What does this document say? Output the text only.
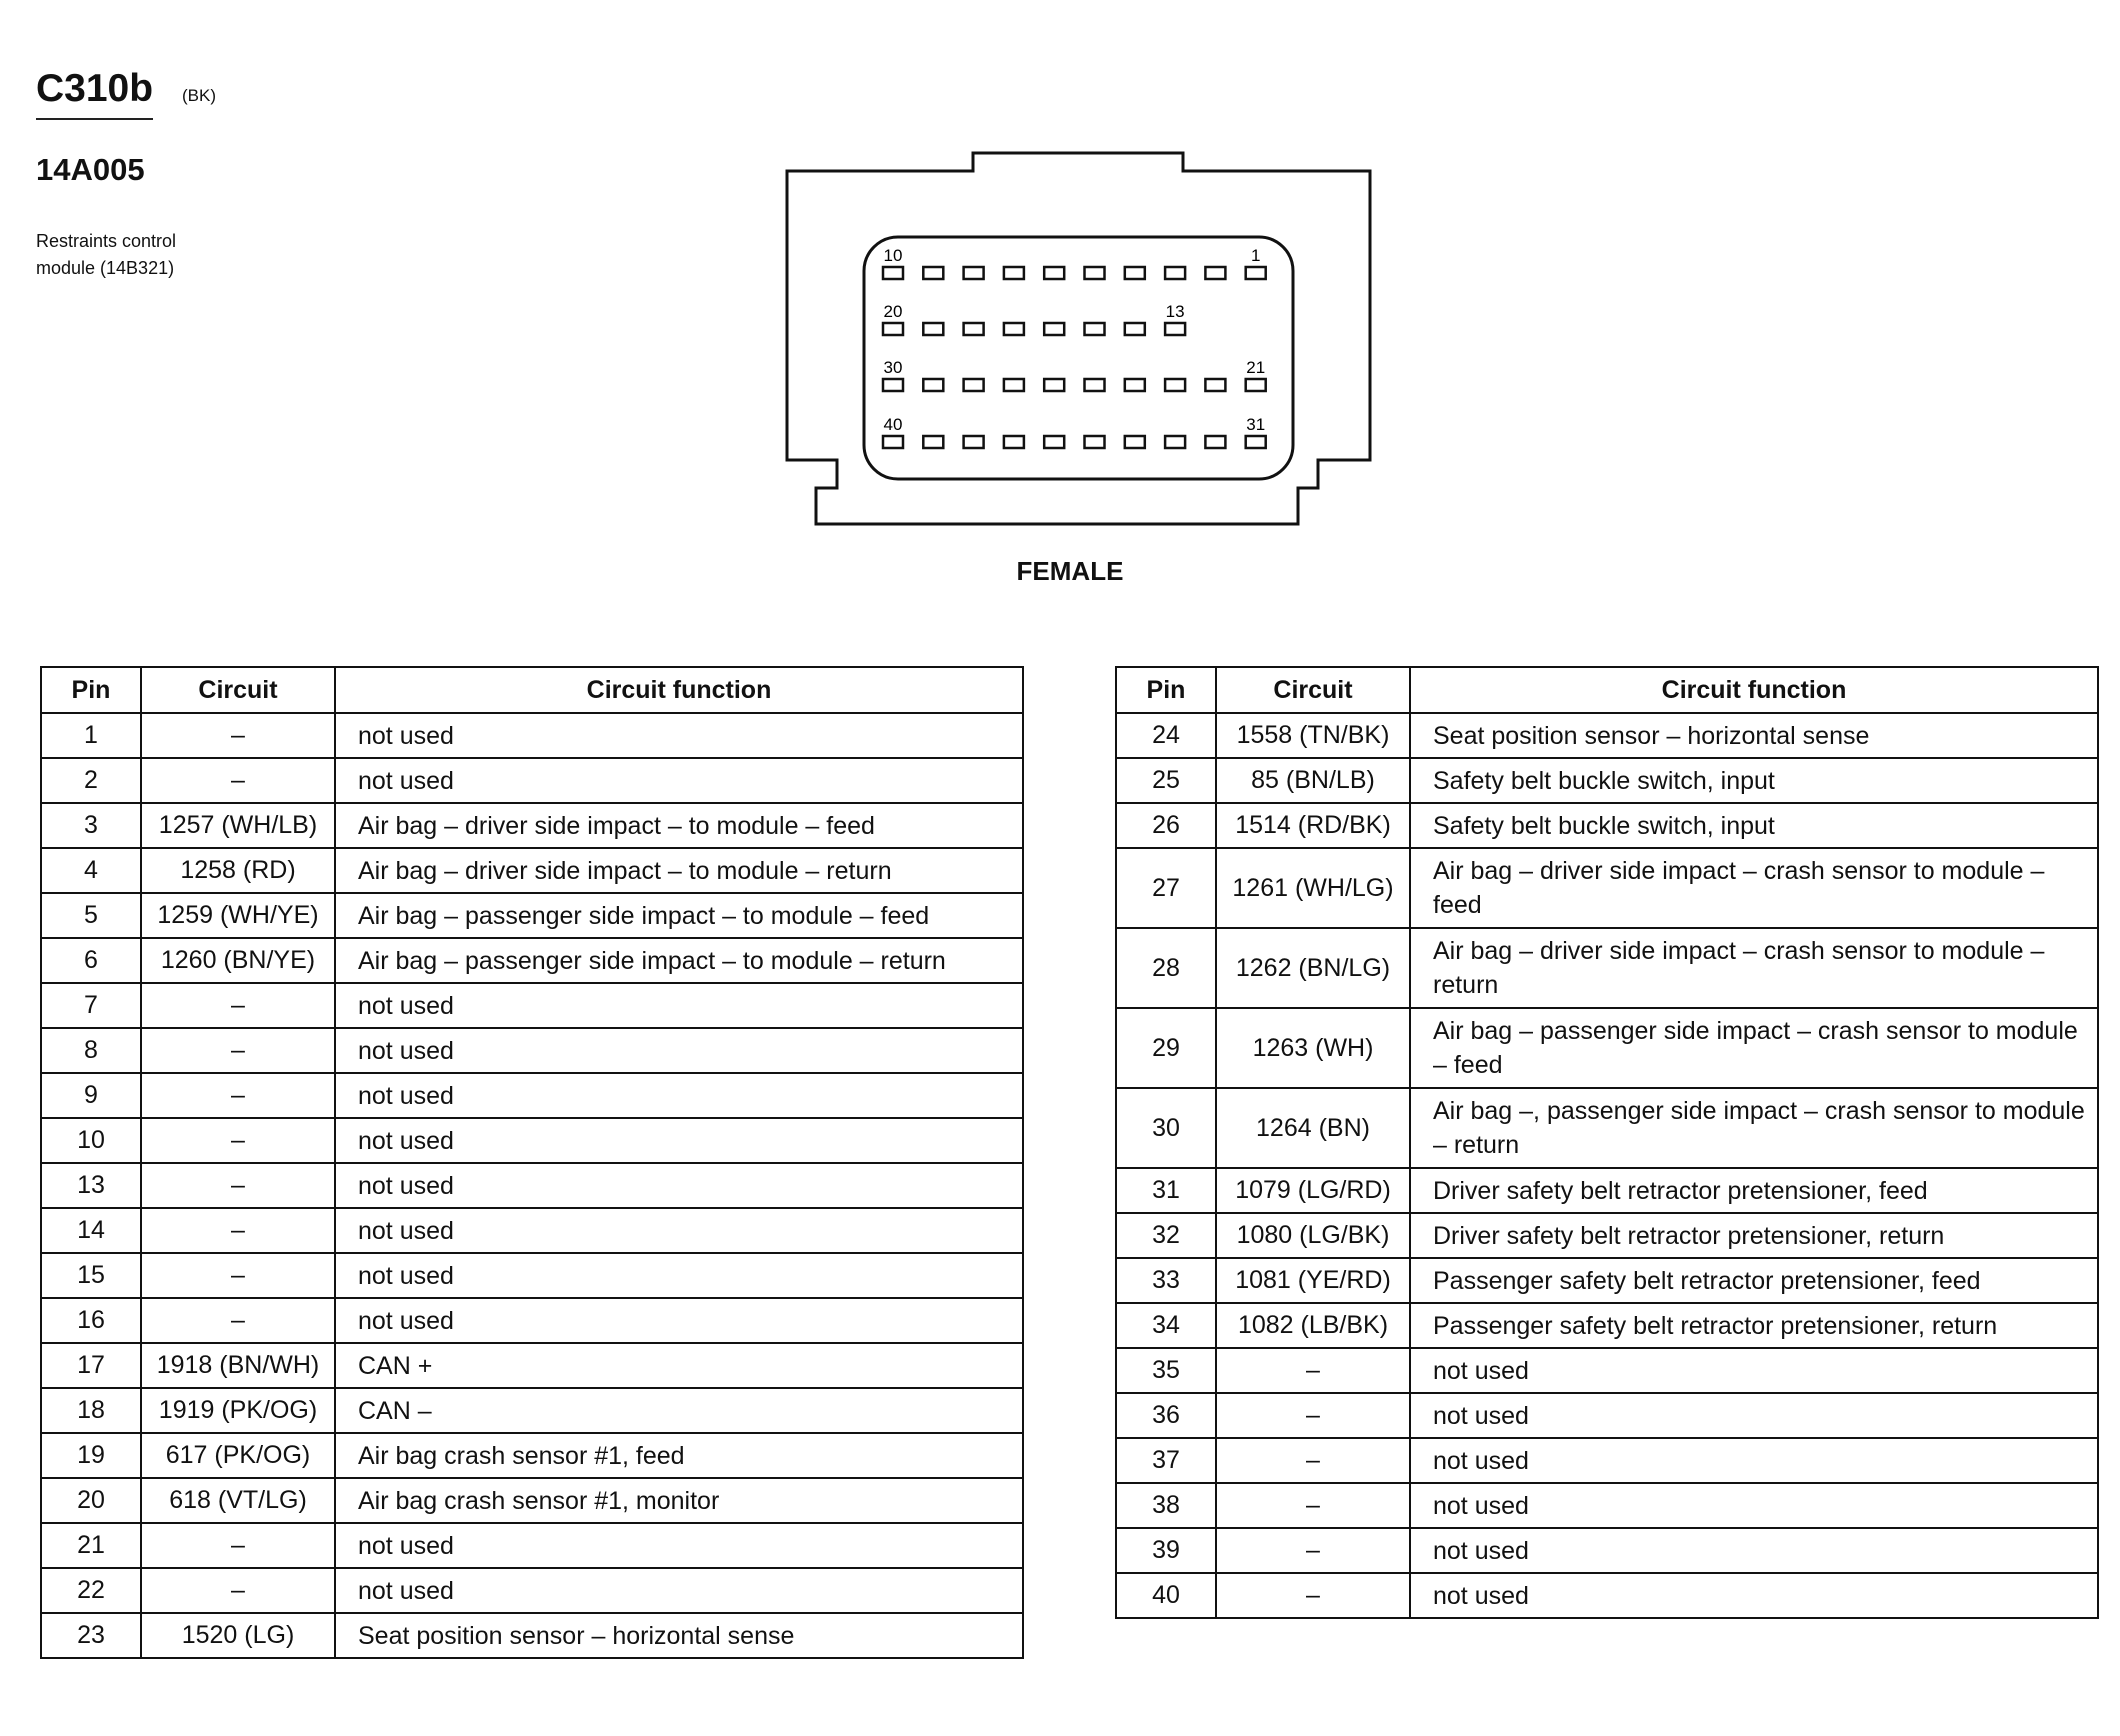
C310b (BK)
14A005
Restraints control
module (14B321)
10	1
20	13
30	21
40	31
FEMALE
Pin	Circuit	Circuit function
1	–	not used
2	–	not used
3	1257 (WH/LB)	Air bag – driver side impact – to module – feed
4	1258 (RD)	Air bag – driver side impact – to module – return
5	1259 (WH/YE)	Air bag – passenger side impact – to module – feed
6	1260 (BN/YE)	Air bag – passenger side impact – to module – return
7	–	not used
8	–	not used
9	–	not used
10	–	not used
13	–	not used
14	–	not used
15	–	not used
16	–	not used
17	1918 (BN/WH)	CAN +
18	1919 (PK/OG)	CAN –
19	617 (PK/OG)	Air bag crash sensor #1, feed
20	618 (VT/LG)	Air bag crash sensor #1, monitor
21	–	not used
22	–	not used
23	1520 (LG)	Seat position sensor – horizontal sense
Pin	Circuit	Circuit function
24	1558 (TN/BK)	Seat position sensor – horizontal sense
25	85 (BN/LB)	Safety belt buckle switch, input
26	1514 (RD/BK)	Safety belt buckle switch, input
27	1261 (WH/LG)	Air bag – driver side impact – crash sensor to module – feed
28	1262 (BN/LG)	Air bag – driver side impact – crash sensor to module – return
29	1263 (WH)	Air bag – passenger side impact – crash sensor to module – feed
30	1264 (BN)	Air bag –, passenger side impact – crash sensor to module – return
31	1079 (LG/RD)	Driver safety belt retractor pretensioner, feed
32	1080 (LG/BK)	Driver safety belt retractor pretensioner, return
33	1081 (YE/RD)	Passenger safety belt retractor pretensioner, feed
34	1082 (LB/BK)	Passenger safety belt retractor pretensioner, return
35	–	not used
36	–	not used
37	–	not used
38	–	not used
39	–	not used
40	–	not used
